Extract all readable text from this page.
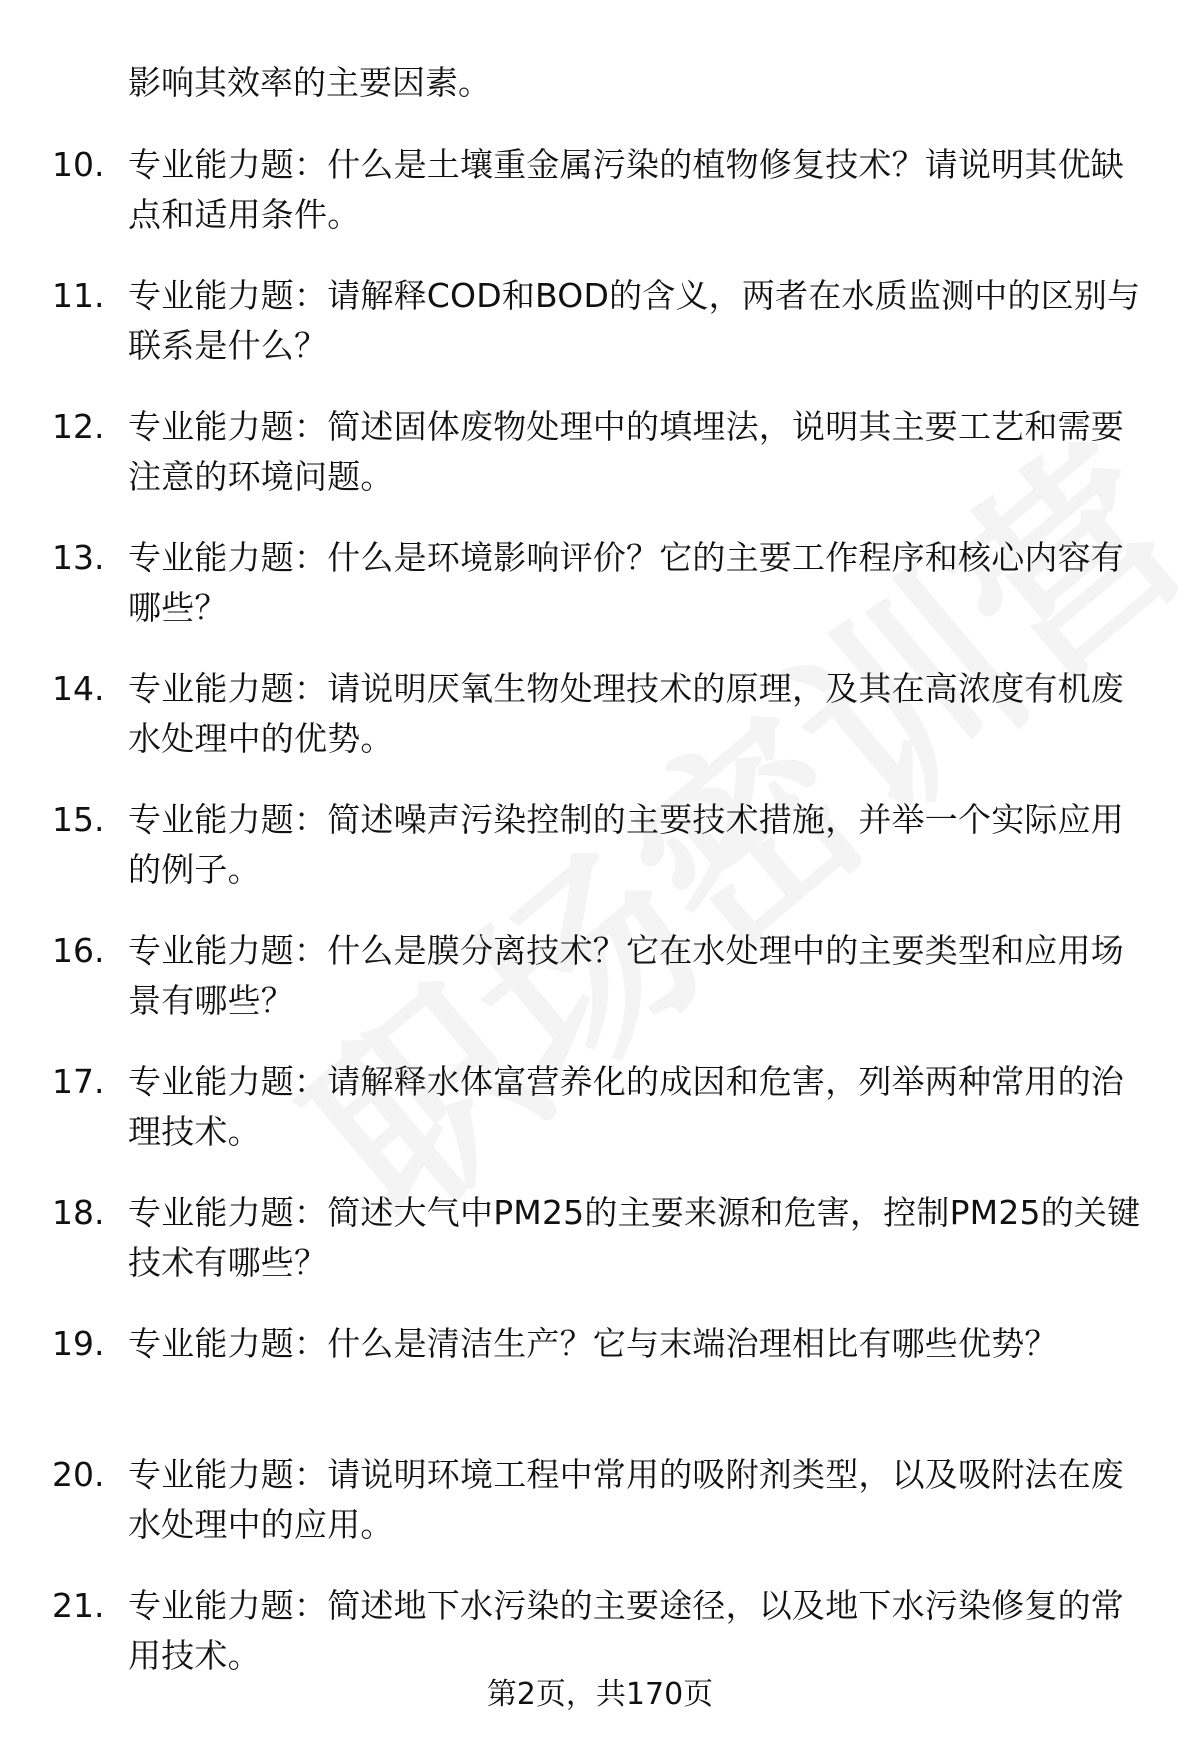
影响其效率的主要因素。
10. 专业能力题：什么是土壤重金属污染的植物修复技术？请说明其优缺点和适用条件。
11. 专业能力题：请解释COD和BOD的含义，两者在水质监测中的区别与联系是什么？
12. 专业能力题：简述固体废物处理中的填埋法，说明其主要工艺和需要注意的环境问题。
13. 专业能力题：什么是环境影响评价？它的主要工作程序和核心内容有哪些？
14. 专业能力题：请说明厌氧生物处理技术的原理，及其在高浓度有机废水处理中的优势。
15. 专业能力题：简述噪声污染控制的主要技术措施，并举一个实际应用的例子。
16. 专业能力题：什么是膜分离技术？它在水处理中的主要类型和应用场景有哪些？
17. 专业能力题：请解释水体富营养化的成因和危害，列举两种常用的治理技术。
18. 专业能力题：简述大气中PM25的主要来源和危害，控制PM25的关键技术有哪些？
19. 专业能力题：什么是清洁生产？它与末端治理相比有哪些优势？
20. 专业能力题：请说明环境工程中常用的吸附剂类型，以及吸附法在废水处理中的应用。
21. 专业能力题：简述地下水污染的主要途径，以及地下水污染修复的常用技术。
第2页，共170页
